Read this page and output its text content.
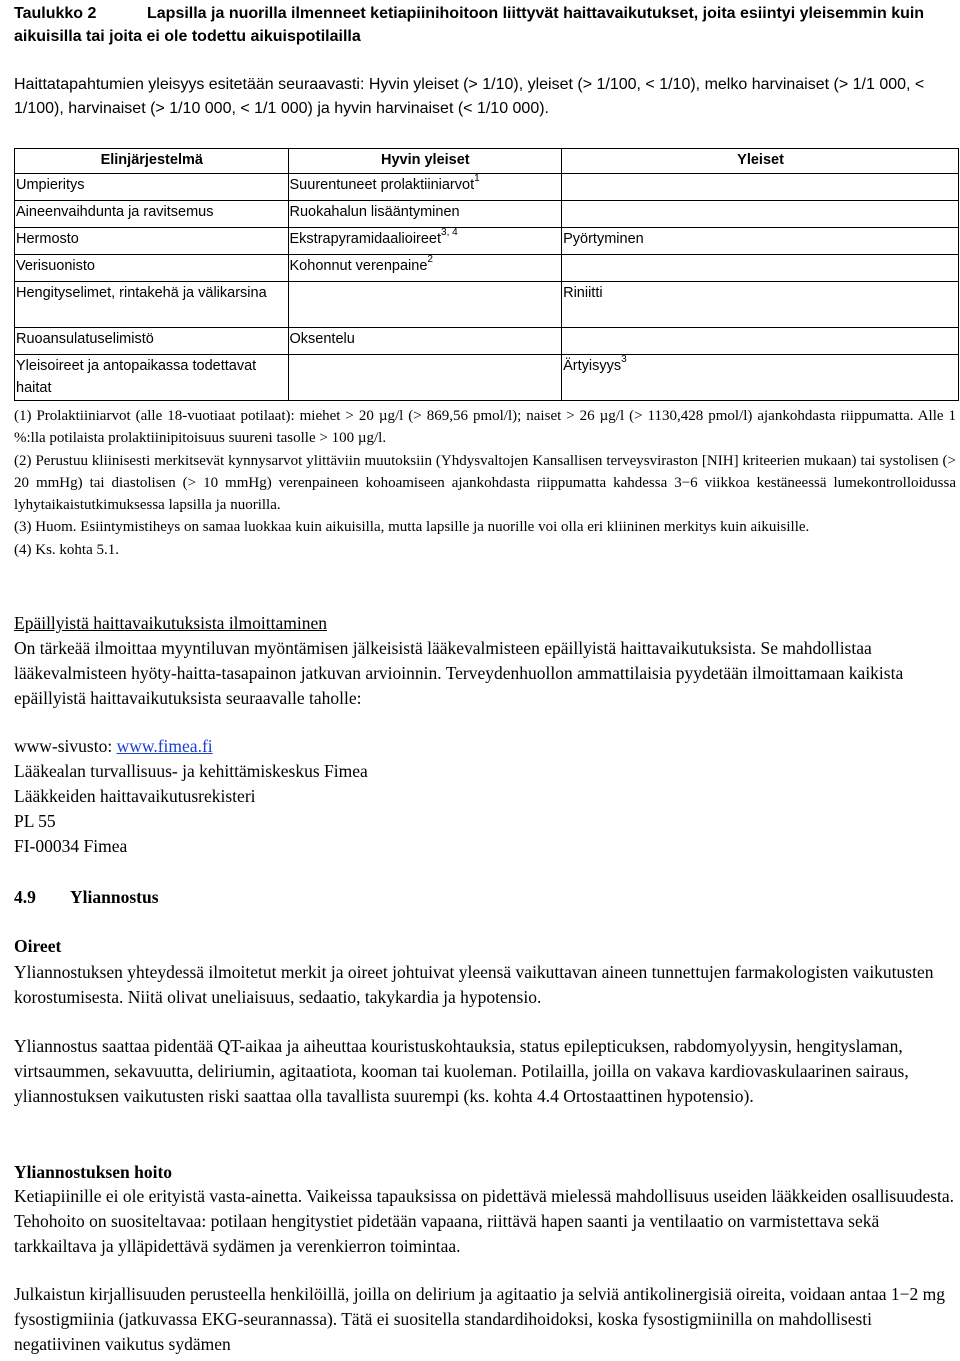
Taulukko 2	Lapsilla ja nuorilla ilmenneet ketiapiinihoitoon liittyvät haittavaikutukset, joita esiintyi yleisemmin kuin aikuisilla tai joita ei ole todettu aikuispotilailla
Haittatapahtumien yleisyys esitetään seuraavasti: Hyvin yleiset (> 1/10), yleiset (> 1/100, < 1/10), melko harvinaiset (> 1/1 000, < 1/100), harvinaiset (> 1/10 000, < 1/1 000) ja hyvin harvinaiset (< 1/10 000).
Elinjärjestelmä	Hyvin yleiset	Yleiset
Umpieritys	Suurentuneet prolaktiiniarvot$^1$	
Aineenvaihdunta ja ravitsemus	Ruokahalun lisääntyminen	
Hermosto	Ekstrapyramidaalioireet$^{3, 4}$	Pyörtyminen
Verisuonisto	Kohonnut verenpaine$^2$	
Hengityselimet, rintakehä ja välikarsina		Riniitti
Ruoansulatuselimistö	Oksentelu	
Yleisoireet ja antopaikassa todettavat haitat		Ärtyisyys$^3$

(1) Prolaktiiniarvot (alle 18-vuotiaat potilaat): miehet > 20 µg/l (> 869,56 pmol/l); naiset > 26 µg/l (> 1130,428 pmol/l) ajankohdasta riippumatta. Alle 1 %:lla potilaista prolaktiinipitoisuus suureni tasolle > 100 µg/l.

(2) Perustuu kliinisesti merkitsevät kynnysarvot ylittäviin muutoksiin (Yhdysvaltojen Kansallisen terveysviraston [NIH] kriteerien mukaan) tai systolisen (> 20 mmHg) tai diastolisen (> 10 mmHg) verenpaineen kohoamiseen ajankohdasta riippumatta kahdessa 3−6 viikkoa kestäneessä lumekontrolloidussa lyhytaikaistutkimuksessa lapsilla ja nuorilla.

(3) Huom. Esiintymistiheys on samaa luokkaa kuin aikuisilla, mutta lapsille ja nuorille voi olla eri kliininen merkitys kuin aikuisille.

(4) Ks. kohta 5.1.

Epäillyistä haittavaikutuksista ilmoittaminen
On tärkeää ilmoittaa myyntiluvan myöntämisen jälkeisistä lääkevalmisteen epäillyistä haittavaikutuksista. Se mahdollistaa lääkevalmisteen hyöty-haitta-tasapainon jatkuvan arvioinnin. Terveydenhuollon ammattilaisia pyydetään ilmoittamaan kaikista epäillyistä haittavaikutuksista seuraavalle taholle:
www-sivusto: www.fimea.fi
Lääkealan turvallisuus- ja kehittämiskeskus Fimea
Lääkkeiden haittavaikutusrekisteri
PL 55
FI-00034 Fimea
4.9 Yliannostus
Oireet
Yliannostuksen yhteydessä ilmoitetut merkit ja oireet johtuivat yleensä vaikuttavan aineen tunnettujen farmakologisten vaikutusten korostumisesta. Niitä olivat uneliaisuus, sedaatio, takykardia ja hypotensio.
Yliannostus saattaa pidentää QT-aikaa ja aiheuttaa kouristuskohtauksia, status epilepticuksen, rabdomyolyysin, hengityslaman, virtsaummen, sekavuutta, deliriumin, agitaatiota, kooman tai kuoleman. Potilailla, joilla on vakava kardiovaskulaarinen sairaus, yliannostuksen vaikutusten riski saattaa olla tavallista suurempi (ks. kohta 4.4 Ortostaattinen hypotensio).
Yliannostuksen hoito
Ketiapiinille ei ole erityistä vasta-ainetta. Vaikeissa tapauksissa on pidettävä mielessä mahdollisuus useiden lääkkeiden osallisuudesta. Tehohoito on suositeltavaa: potilaan hengitystiet pidetään vapaana, riittävä hapen saanti ja ventilaatio on varmistettava sekä tarkkailtava ja ylläpidettävä sydämen ja verenkierron toimintaa.
Julkaistun kirjallisuuden perusteella henkilöillä, joilla on delirium ja agitaatio ja selviä antikolinergisiä oireita, voidaan antaa 1−2 mg fysostigmiinia (jatkuvassa EKG-seurannassa). Tätä ei suositella standardihoidoksi, koska fysostigmiinilla on mahdollisesti negatiivinen vaikutus sydämen
